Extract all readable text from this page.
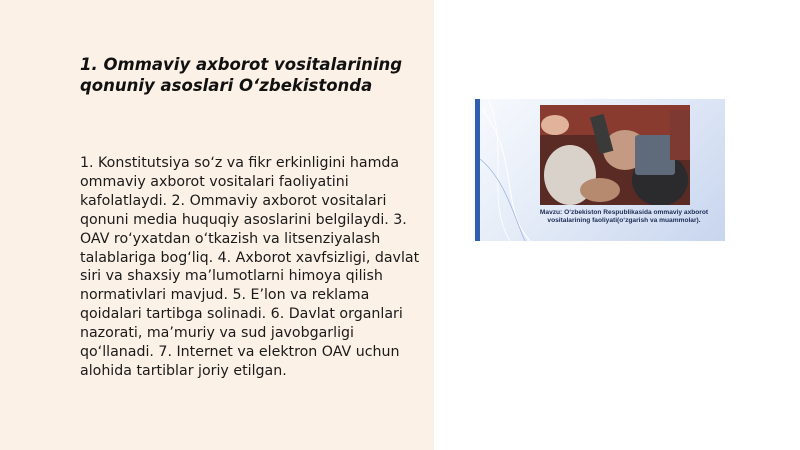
1. Ommaviy axborot vositalarining qonuniy asoslari O‘zbekistonda

1. Konstitutsiya so‘z va fikr erkinligini hamda ommaviy axborot vositalari faoliyatini kafolatlaydi. 2. Ommaviy axborot vositalari qonuni media huquqiy asoslarini belgilaydi. 3. OAV ro‘yxatdan o‘tkazish va litsenziyalash talablariga bog‘liq. 4. Axborot xavfsizligi, davlat siri va shaxsiy ma’lumotlarni himoya qilish normativlari mavjud. 5. E’lon va reklama qoidalari tartibga solinadi. 6. Davlat organlari nazorati, ma’muriy va sud javobgarligi qo‘llanadi. 7. Internet va elektron OAV uchun alohida tartiblar joriy etilgan.

Mavzu: O‘zbekiston Respublikasida ommaviy axborot vositalarining faoliyati(o‘zgarish va muammolar).
